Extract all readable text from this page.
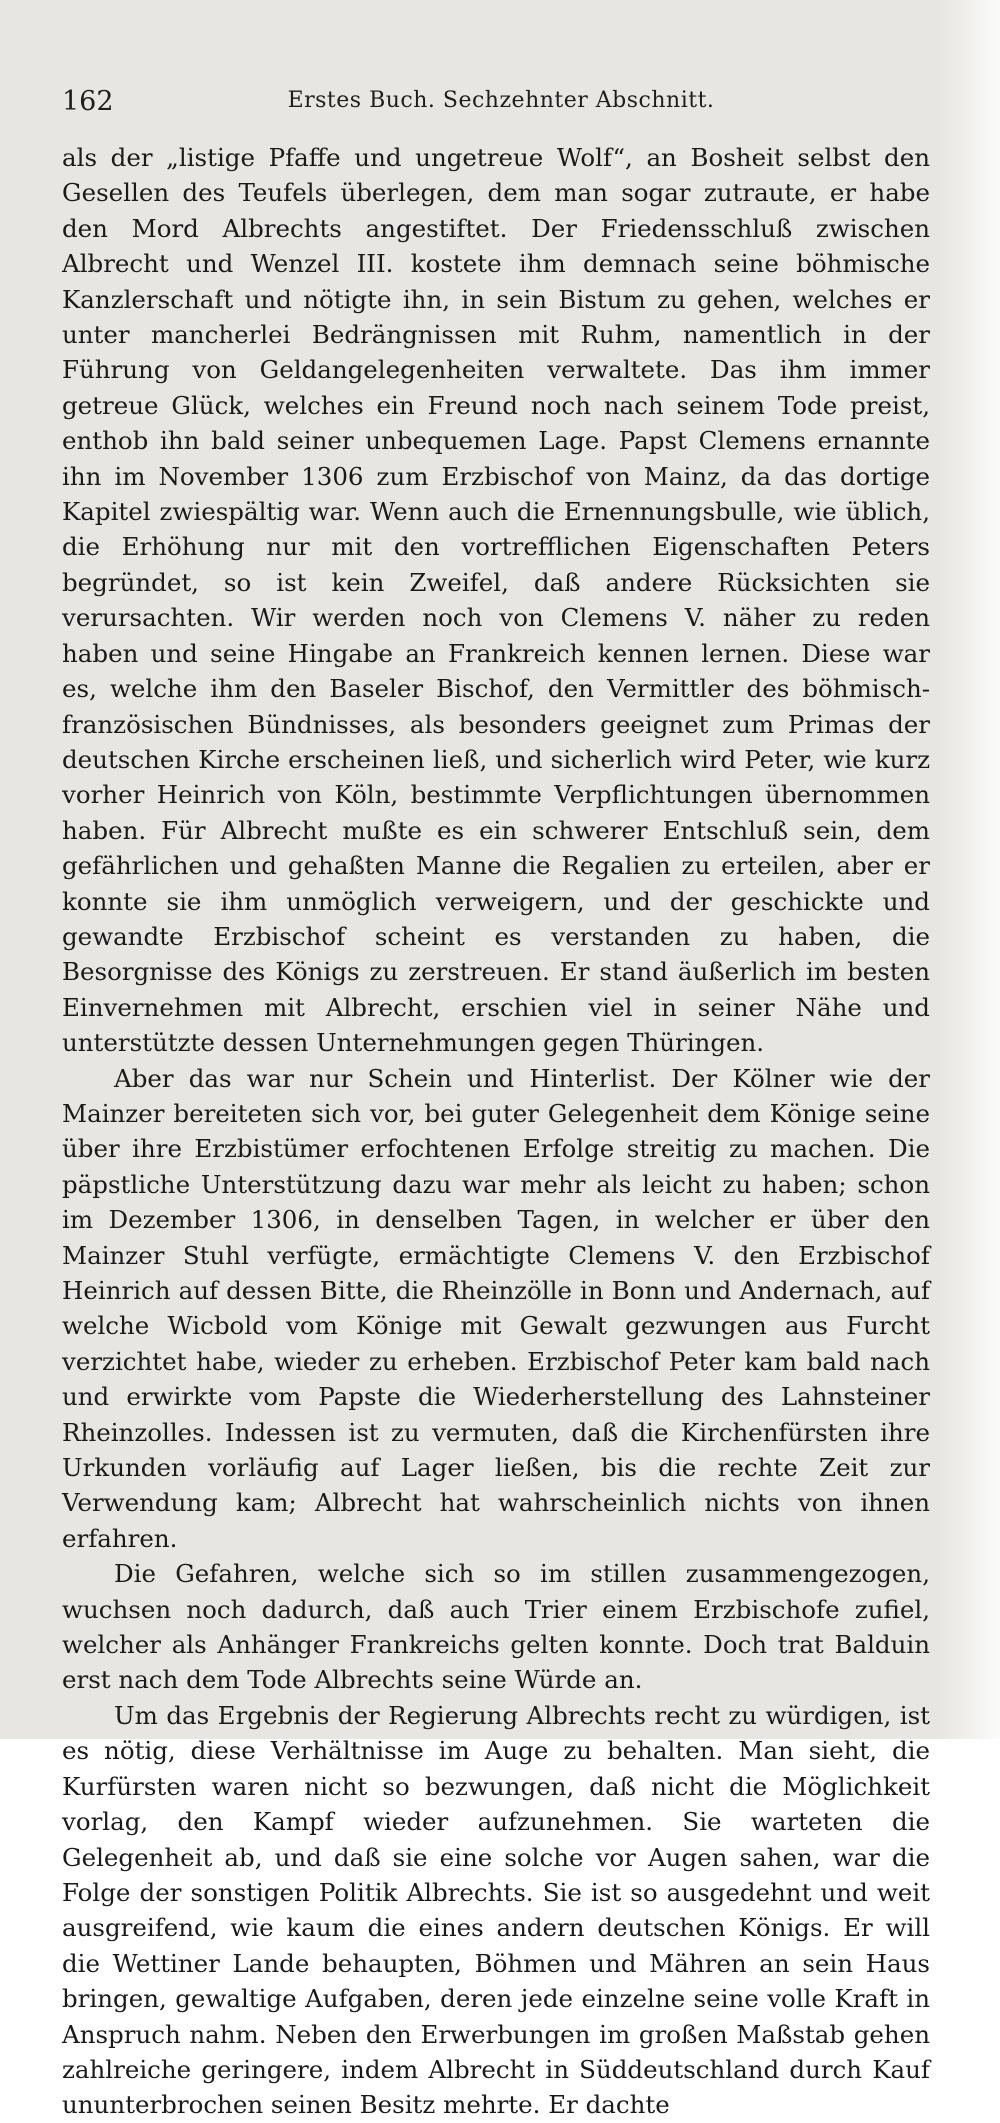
162	Erstes Buch. Sechzehnter Abschnitt.

als der „listige Pfaffe und ungetreue Wolf“, an Bosheit selbst den Gesellen des Teufels überlegen, dem man sogar zutraute, er habe den Mord Albrechts angestiftet. Der Friedensschluß zwischen Albrecht und Wenzel III. kostete ihm demnach seine böhmische Kanzlerschaft und nötigte ihn, in sein Bistum zu gehen, welches er unter mancherlei Bedrängnissen mit Ruhm, namentlich in der Führung von Geldangelegenheiten verwaltete. Das ihm immer getreue Glück, welches ein Freund noch nach seinem Tode preist, enthob ihn bald seiner unbequemen Lage. Papst Clemens ernannte ihn im November 1306 zum Erzbischof von Mainz, da das dortige Kapitel zwiespältig war. Wenn auch die Ernennungsbulle, wie üblich, die Erhöhung nur mit den vortrefflichen Eigenschaften Peters begründet, so ist kein Zweifel, daß andere Rücksichten sie verursachten. Wir werden noch von Clemens V. näher zu reden haben und seine Hingabe an Frankreich kennen lernen. Diese war es, welche ihm den Baseler Bischof, den Vermittler des böhmisch-französischen Bündnisses, als besonders geeignet zum Primas der deutschen Kirche erscheinen ließ, und sicherlich wird Peter, wie kurz vorher Heinrich von Köln, bestimmte Verpflichtungen übernommen haben. Für Albrecht mußte es ein schwerer Entschluß sein, dem gefährlichen und gehaßten Manne die Regalien zu erteilen, aber er konnte sie ihm unmöglich verweigern, und der geschickte und gewandte Erzbischof scheint es verstanden zu haben, die Besorgnisse des Königs zu zerstreuen. Er stand äußerlich im besten Einvernehmen mit Albrecht, erschien viel in seiner Nähe und unterstützte dessen Unternehmungen gegen Thüringen.

Aber das war nur Schein und Hinterlist. Der Kölner wie der Mainzer bereiteten sich vor, bei guter Gelegenheit dem Könige seine über ihre Erzbistümer erfochtenen Erfolge streitig zu machen. Die päpstliche Unterstützung dazu war mehr als leicht zu haben; schon im Dezember 1306, in denselben Tagen, in welcher er über den Mainzer Stuhl verfügte, ermächtigte Clemens V. den Erzbischof Heinrich auf dessen Bitte, die Rheinzölle in Bonn und Andernach, auf welche Wicbold vom Könige mit Gewalt gezwungen aus Furcht verzichtet habe, wieder zu erheben. Erzbischof Peter kam bald nach und erwirkte vom Papste die Wiederherstellung des Lahnsteiner Rheinzolles. Indessen ist zu vermuten, daß die Kirchenfürsten ihre Urkunden vorläufig auf Lager ließen, bis die rechte Zeit zur Verwendung kam; Albrecht hat wahrscheinlich nichts von ihnen erfahren.

Die Gefahren, welche sich so im stillen zusammengezogen, wuchsen noch dadurch, daß auch Trier einem Erzbischofe zufiel, welcher als Anhänger Frankreichs gelten konnte. Doch trat Balduin erst nach dem Tode Albrechts seine Würde an.

Um das Ergebnis der Regierung Albrechts recht zu würdigen, ist es nötig, diese Verhältnisse im Auge zu behalten. Man sieht, die Kurfürsten waren nicht so bezwungen, daß nicht die Möglichkeit vorlag, den Kampf wieder aufzunehmen. Sie warteten die Gelegenheit ab, und daß sie eine solche vor Augen sahen, war die Folge der sonstigen Politik Albrechts. Sie ist so ausgedehnt und weit ausgreifend, wie kaum die eines andern deutschen Königs. Er will die Wettiner Lande behaupten, Böhmen und Mähren an sein Haus bringen, gewaltige Aufgaben, deren jede einzelne seine volle Kraft in Anspruch nahm. Neben den Erwerbungen im großen Maßstab gehen zahlreiche geringere, indem Albrecht in Süddeutschland durch Kauf ununterbrochen seinen Besitz mehrte. Er dachte
